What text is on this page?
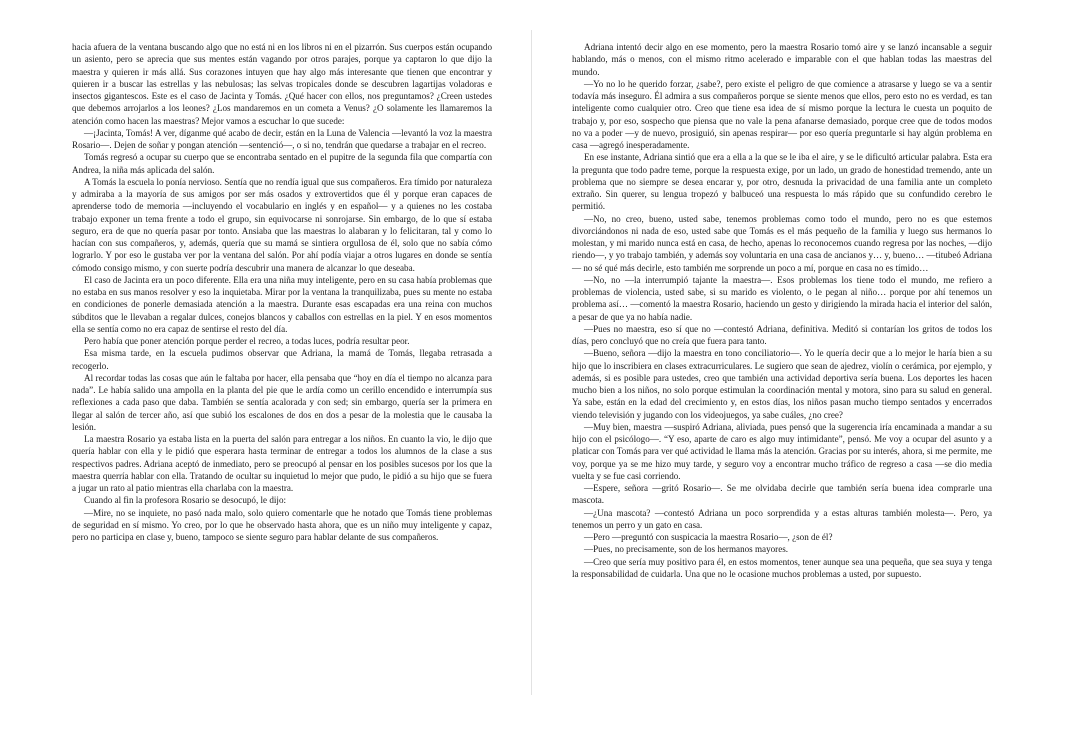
hacia afuera de la ventana buscando algo que no está ni en los libros ni en el pizarrón. Sus cuerpos están ocupando un asiento, pero se aprecia que sus mentes están vagando por otros parajes, porque ya captaron lo que dijo la maestra y quieren ir más allá. Sus corazones intuyen que hay algo más interesante que tienen que encontrar y quieren ir a buscar las estrellas y las nebulosas; las selvas tropicales donde se descubren lagartijas voladoras e insectos gigantescos. Este es el caso de Jacinta y Tomás. ¿Qué hacer con ellos, nos preguntamos? ¿Creen ustedes que debemos arrojarlos a los leones? ¿Los mandaremos en un cometa a Venus? ¿O solamente les llamaremos la atención como hacen las maestras? Mejor vamos a escuchar lo que sucede:

—¡Jacinta, Tomás! A ver, díganme qué acabo de decir, están en la Luna de Valencia —levantó la voz la maestra Rosario—. Dejen de soñar y pongan atención —sentenció—, o si no, tendrán que quedarse a trabajar en el recreo.

Tomás regresó a ocupar su cuerpo que se encontraba sentado en el pupitre de la segunda fila que compartía con Andrea, la niña más aplicada del salón.

A Tomás la escuela lo ponía nervioso. Sentía que no rendía igual que sus compañeros. Era tímido por naturaleza y admiraba a la mayoría de sus amigos por ser más osados y extrovertidos que él y porque eran capaces de aprenderse todo de memoria —incluyendo el vocabulario en inglés y en español— y a quienes no les costaba trabajo exponer un tema frente a todo el grupo, sin equivocarse ni sonrojarse. Sin embargo, de lo que sí estaba seguro, era de que no quería pasar por tonto. Ansiaba que las maestras lo alabaran y lo felicitaran, tal y como lo hacían con sus compañeros, y, además, quería que su mamá se sintiera orgullosa de él, solo que no sabía cómo lograrlo. Y por eso le gustaba ver por la ventana del salón. Por ahí podía viajar a otros lugares en donde se sentía cómodo consigo mismo, y con suerte podría descubrir una manera de alcanzar lo que deseaba.

El caso de Jacinta era un poco diferente. Ella era una niña muy inteligente, pero en su casa había problemas que no estaba en sus manos resolver y eso la inquietaba. Mirar por la ventana la tranquilizaba, pues su mente no estaba en condiciones de ponerle demasiada atención a la maestra. Durante esas escapadas era una reina con muchos súbditos que le llevaban a regalar dulces, conejos blancos y caballos con estrellas en la piel. Y en esos momentos ella se sentía como no era capaz de sentirse el resto del día.

Pero había que poner atención porque perder el recreo, a todas luces, podría resultar peor.

Esa misma tarde, en la escuela pudimos observar que Adriana, la mamá de Tomás, llegaba retrasada a recogerlo.

Al recordar todas las cosas que aún le faltaba por hacer, ella pensaba que “hoy en día el tiempo no alcanza para nada”. Le había salido una ampolla en la planta del pie que le ardía como un cerillo encendido e interrumpía sus reflexiones a cada paso que daba. También se sentía acalorada y con sed; sin embargo, quería ser la primera en llegar al salón de tercer año, así que subió los escalones de dos en dos a pesar de la molestia que le causaba la lesión.

La maestra Rosario ya estaba lista en la puerta del salón para entregar a los niños. En cuanto la vio, le dijo que quería hablar con ella y le pidió que esperara hasta terminar de entregar a todos los alumnos de la clase a sus respectivos padres. Adriana aceptó de inmediato, pero se preocupó al pensar en los posibles sucesos por los que la maestra querría hablar con ella. Tratando de ocultar su inquietud lo mejor que pudo, le pidió a su hijo que se fuera a jugar un rato al patio mientras ella charlaba con la maestra.

Cuando al fin la profesora Rosario se desocupó, le dijo:

—Mire, no se inquiete, no pasó nada malo, solo quiero comentarle que he notado que Tomás tiene problemas de seguridad en sí mismo. Yo creo, por lo que he observado hasta ahora, que es un niño muy inteligente y capaz, pero no participa en clase y, bueno, tampoco se siente seguro para hablar delante de sus compañeros.

Adriana intentó decir algo en ese momento, pero la maestra Rosario tomó aire y se lanzó incansable a seguir hablando, más o menos, con el mismo ritmo acelerado e imparable con el que hablan todas las maestras del mundo.

—Yo no lo he querido forzar, ¿sabe?, pero existe el peligro de que comience a atrasarse y luego se va a sentir todavía más inseguro. Él admira a sus compañeros porque se siente menos que ellos, pero esto no es verdad, es tan inteligente como cualquier otro. Creo que tiene esa idea de sí mismo porque la lectura le cuesta un poquito de trabajo y, por eso, sospecho que piensa que no vale la pena afanarse demasiado, porque cree que de todos modos no va a poder —y de nuevo, prosiguió, sin apenas respirar— por eso quería preguntarle si hay algún problema en casa —agregó inesperadamente.

En ese instante, Adriana sintió que era a ella a la que se le iba el aire, y se le dificultó articular palabra. Esta era la pregunta que todo padre teme, porque la respuesta exige, por un lado, un grado de honestidad tremendo, ante un problema que no siempre se desea encarar y, por otro, desnuda la privacidad de una familia ante un completo extraño. Sin querer, su lengua tropezó y balbuceó una respuesta lo más rápido que su confundido cerebro le permitió.

—No, no creo, bueno, usted sabe, tenemos problemas como todo el mundo, pero no es que estemos divorciándonos ni nada de eso, usted sabe que Tomás es el más pequeño de la familia y luego sus hermanos lo molestan, y mi marido nunca está en casa, de hecho, apenas lo reconocemos cuando regresa por las noches, —dijo riendo—, y yo trabajo también, y además soy voluntaria en una casa de ancianos y… y, bueno… —titubeó Adriana— no sé qué más decirle, esto también me sorprende un poco a mí, porque en casa no es tímido…

—No, no —la interrumpió tajante la maestra—. Esos problemas los tiene todo el mundo, me refiero a problemas de violencia, usted sabe, si su marido es violento, o le pegan al niño… porque por ahí tenemos un problema así… —comentó la maestra Rosario, haciendo un gesto y dirigiendo la mirada hacia el interior del salón, a pesar de que ya no había nadie.

—Pues no maestra, eso sí que no —contestó Adriana, definitiva. Meditó si contarían los gritos de todos los días, pero concluyó que no creía que fuera para tanto.

—Bueno, señora —dijo la maestra en tono conciliatorio—. Yo le quería decir que a lo mejor le haría bien a su hijo que lo inscribiera en clases extracurriculares. Le sugiero que sean de ajedrez, violín o cerámica, por ejemplo, y además, si es posible para ustedes, creo que también una actividad deportiva sería buena. Los deportes les hacen mucho bien a los niños, no solo porque estimulan la coordinación mental y motora, sino para su salud en general. Ya sabe, están en la edad del crecimiento y, en estos días, los niños pasan mucho tiempo sentados y encerrados viendo televisión y jugando con los videojuegos, ya sabe cuáles, ¿no cree?

—Muy bien, maestra —suspiró Adriana, aliviada, pues pensó que la sugerencia iría encaminada a mandar a su hijo con el psicólogo—. “Y eso, aparte de caro es algo muy intimidante”, pensó. Me voy a ocupar del asunto y a platicar con Tomás para ver qué actividad le llama más la atención. Gracias por su interés, ahora, si me permite, me voy, porque ya se me hizo muy tarde, y seguro voy a encontrar mucho tráfico de regreso a casa —se dio media vuelta y se fue casi corriendo.

—Espere, señora —gritó Rosario—. Se me olvidaba decirle que también sería buena idea comprarle una mascota.

—¿Una mascota? —contestó Adriana un poco sorprendida y a estas alturas también molesta—. Pero, ya tenemos un perro y un gato en casa.

—Pero —preguntó con suspicacia la maestra Rosario—, ¿son de él?

—Pues, no precisamente, son de los hermanos mayores.

—Creo que sería muy positivo para él, en estos momentos, tener aunque sea una pequeña, que sea suya y tenga la responsabilidad de cuidarla. Una que no le ocasione muchos problemas a usted, por supuesto.
